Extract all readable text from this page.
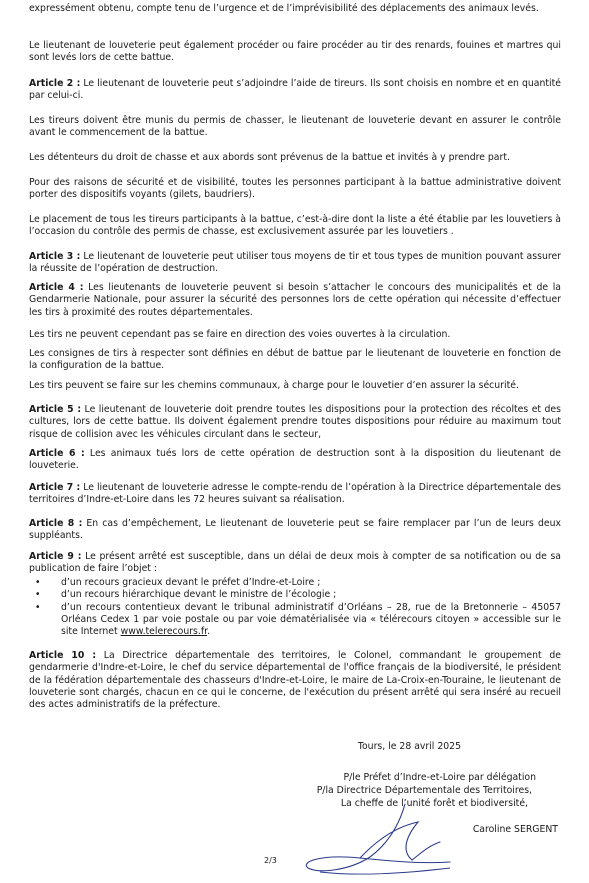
expressément obtenu, compte tenu de l’urgence et de l’imprévisibilité des déplacements des animaux levés.

Le lieutenant de louveterie peut également procéder ou faire procéder au tir des renards, fouines et martres qui sont levés lors de cette battue.

Article 2 : Le lieutenant de louveterie peut s’adjoindre l’aide de tireurs. Ils sont choisis en nombre et en quantité par celui-ci.

Les tireurs doivent être munis du permis de chasser, le lieutenant de louveterie devant en assurer le contrôle avant le commencement de la battue.

Les détenteurs du droit de chasse et aux abords sont prévenus de la battue et invités à y prendre part.

Pour des raisons de sécurité et de visibilité, toutes les personnes participant à la battue administrative doivent porter des dispositifs voyants (gilets, baudriers).

Le placement de tous les tireurs participants à la battue, c’est-à-dire dont la liste a été établie par les louvetiers à l’occasion du contrôle des permis de chasse, est exclusivement assurée par les louvetiers .

Article 3 : Le lieutenant de louveterie peut utiliser tous moyens de tir et tous types de munition pouvant assurer la réussite de l’opération de destruction.

Article 4 : Les lieutenants de louveterie peuvent si besoin s’attacher le concours des municipalités et de la Gendarmerie Nationale, pour assurer la sécurité des personnes lors de cette opération qui nécessite d’effectuer les tirs à proximité des routes départementales.

Les tirs ne peuvent cependant pas se faire en direction des voies ouvertes à la circulation.

Les consignes de tirs à respecter sont définies en début de battue par le lieutenant de louveterie en fonction de la configuration de la battue.

Les tirs peuvent se faire sur les chemins communaux, à charge pour le louvetier d’en assurer la sécurité.

Article 5 : Le lieutenant de louveterie doit prendre toutes les dispositions pour la protection des récoltes et des cultures, lors de cette battue. Ils doivent également prendre toutes dispositions pour réduire au maximum tout risque de collision avec les véhicules circulant dans le secteur,

Article 6 : Les animaux tués lors de cette opération de destruction sont à la disposition du lieutenant de louveterie.

Article 7 : Le lieutenant de louveterie adresse le compte-rendu de l’opération à la Directrice départementale des territoires d’Indre-et-Loire dans les 72 heures suivant sa réalisation.

Article 8 : En cas d’empêchement, Le lieutenant de louveterie peut se faire remplacer par l’un de leurs deux suppléants.

Article 9 : Le présent arrêté est susceptible, dans un délai de deux mois à compter de sa notification ou de sa publication de faire l’objet :

•	d’un recours gracieux devant le préfet d’Indre-et-Loire ;
•	d’un recours hiérarchique devant le ministre de l’écologie ;
•	d’un recours contentieux devant le tribunal administratif d’Orléans – 28, rue de la Bretonnerie – 45057 Orléans Cedex 1 par voie postale ou par voie dématérialisée via « télérecours citoyen » accessible sur le site Internet www.telerecours.fr.

Article 10 : La Directrice départementale des territoires, le Colonel, commandant le groupement de gendarmerie d'Indre-et-Loire, le chef du service départemental de l'office français de la biodiversité, le président de la fédération départementale des chasseurs d'Indre-et-Loire, le maire de La-Croix-en-Touraine, le lieutenant de louveterie sont chargés, chacun en ce qui le concerne, de l'exécution du présent arrêté qui sera inséré au recueil des actes administratifs de la préfecture.

Tours, le 28 avril 2025
P/le Préfet d’Indre-et-Loire par délégation
P/la Directrice Départementale des Territoires,
La cheffe de l’unité forêt et biodiversité,
Caroline SERGENT
2/3
